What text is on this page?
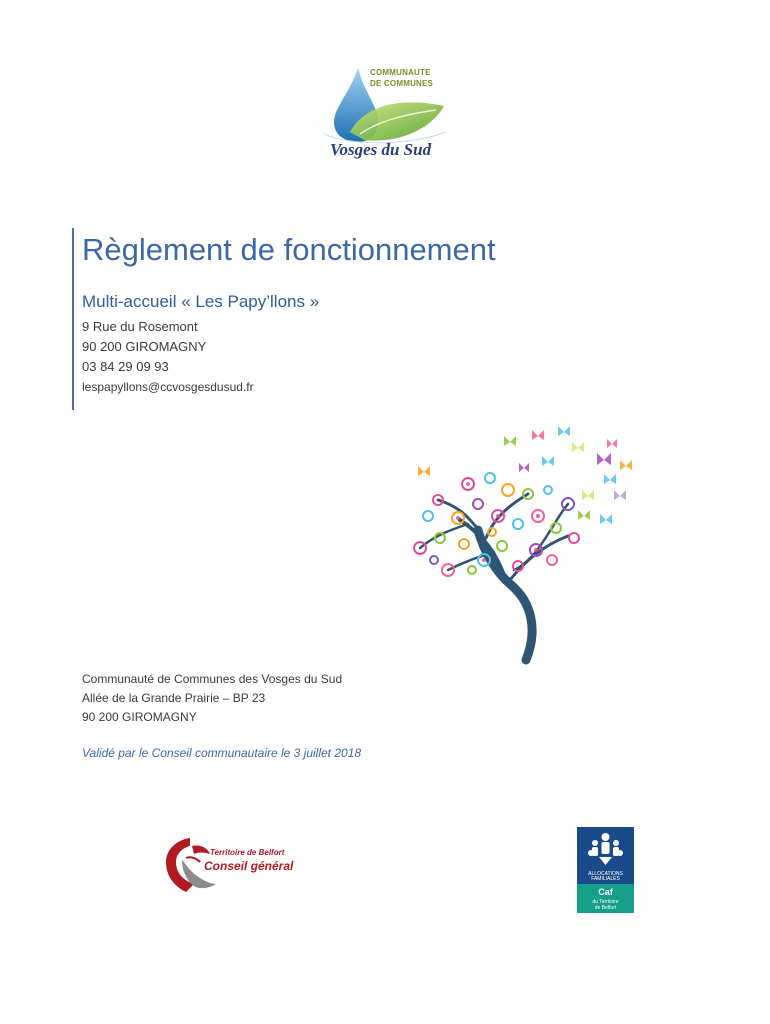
COMMUNAUTE
DE COMMUNES
Vosges du Sud
Règlement de fonctionnement
Multi-accueil « Les Papy’llons »
9 Rue du Rosemont
90 200 GIROMAGNY
03 84 29 09 93
lespapyllons@ccvosgesdusud.fr
Communauté de Communes des Vosges du Sud
Allée de la Grande Prairie – BP 23
90 200 GIROMAGNY
Validé par le Conseil communautaire le 3 juillet 2018
Territoire de Belfort
Conseil général
ALLOCATIONS FAMILIALES
Caf
du Territoire
de Belfort
